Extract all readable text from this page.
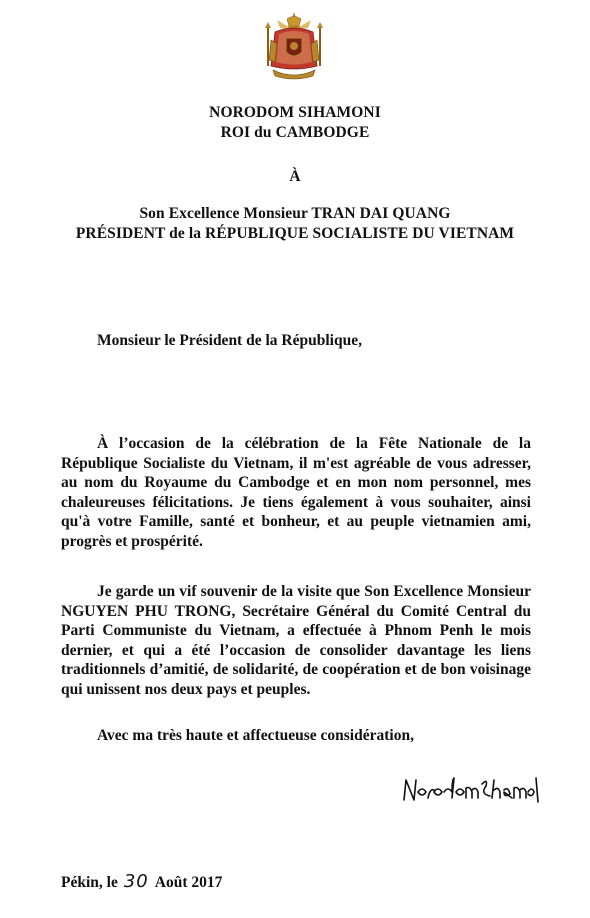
NORODOM SIHAMONI
ROI du CAMBODGE
À
Son Excellence Monsieur TRAN DAI QUANG
PRÉSIDENT de la RÉPUBLIQUE SOCIALISTE DU VIETNAM
Monsieur le Président de la République,

À l’occasion de la célébration de la Fête Nationale de la République Socialiste du Vietnam, il m'est agréable de vous adresser, au nom du Royaume du Cambodge et en mon nom personnel, mes chaleureuses félicitations. Je tiens également à vous souhaiter, ainsi qu'à votre Famille, santé et bonheur, et au peuple vietnamien ami, progrès et prospérité.

Je garde un vif souvenir de la visite que Son Excellence Monsieur NGUYEN PHU TRONG, Secrétaire Général du Comité Central du Parti Communiste du Vietnam, a effectuée à Phnom Penh le mois dernier, et qui a été l’occasion de consolider davantage les liens traditionnels d’amitié, de solidarité, de coopération et de bon voisinage qui unissent nos deux pays et peuples.

Avec ma très haute et affectueuse considération,
Pékin, le 30 Août 2017
